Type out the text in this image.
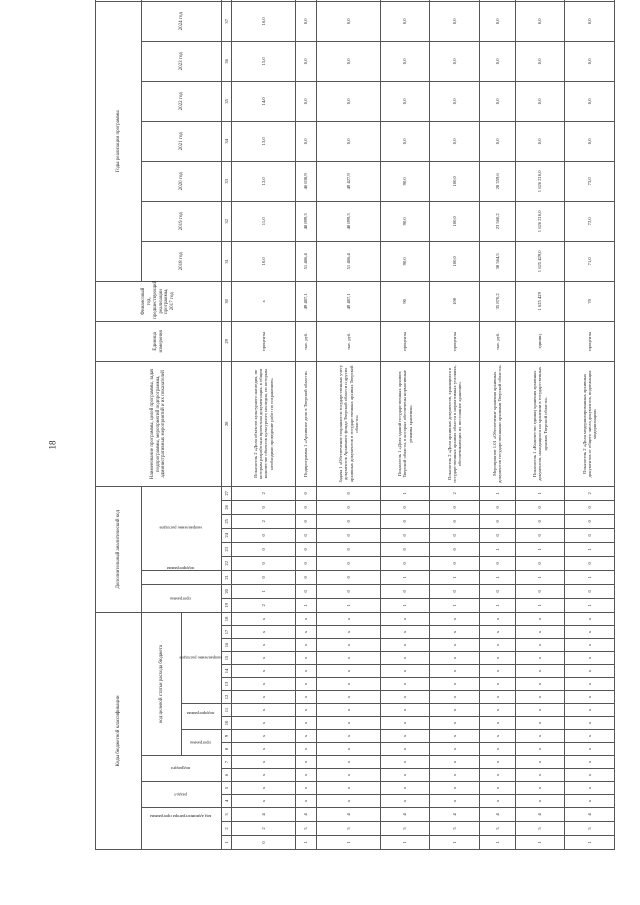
18
Коды бюджетной классификации																		Дополнительный аналитический код									Наименование программы, целей программы, задач подпрограммы, мероприятий подпрограммы, административных мероприятий и их показателей	Единица измерения	Финансовый год, предшествующий реализации программы, 2017 год	Годы реализации программы	
код администратора программы			раздел		подраздел		код целевой статьи расхода бюджета											программа		подпрограмма	направление расходов									2018 год	2019 год	2020 год	2021 год	2022 год	2023 год	2024 год	
							программа		подпрограмма		направление расходов																										
1	2	3	4	5	6	7	8	9	10	11	12	13	14	15	16	17	18	19	20	21	22	23	24	25	26	27	28	29	30	31	32	33	34	35	36	37	
0	2	4	х	х	х	х	х	х	х	х	х	х	х	х	х	х	х	2	1	0	0	0	0	2	0	2	Показатель 2 «Доля объектов культурного наследия, по которым разработана проектная документация, в общем количестве объектов культурного наследия, по которым необходимо проведение работ по сохранению»	проценты	х	10,0	11,0	12,0	13,0	14,0	15,0	16,0	
1	5	4	х	х	х	х	х	х	х	х	х	х	х	х	х	х	х	1	0	0	0	0	0	0	0	0	Подпрограмма 1 «Архивное дело в Тверской области»	тыс. руб.	49 487,1	51 486,4	48 899,3	46 838,9	0,0	0,0	0,0	0,0	
1	5	4	х	х	х	х	х	х	х	х	х	х	х	х	х	х	х	1	0	0	0	0	0	0	0	0	Задача 1 «Обеспечение сохранности государственных учету документов Архивного фонда Тверской области и других архивных документов в государственных архивах Тверской области»	тыс. руб.	49 487,1	51 486,4	48 899,3	49 427,9	0,0	0,0	0,0	0,0	
1	5	4	х	х	х	х	х	х	х	х	х	х	х	х	х	х	х	1	0	1	0	0	0	0	0	1	Показатель 1 «Доля зданий государственных архивов Тверской области, в которых обеспечены нормативные режимы хранения»	проценты	90	90,0	90,0	90,0	0,0	0,0	0,0	0,0	
1	5	4	х	х	х	х	х	х	х	х	х	х	х	х	х	х	х	1	0	1	0	0	0	0	0	2	Показатель 2 «Доля архивных документов, хранящихся в государственных архивах области в нормативных условиях, обеспечивающих их постоянное хранение»	проценты	100	100,0	100,0	100,0	0,0	0,0	0,0	0,0	
1	5	4	х	х	х	х	х	х	х	х	х	х	х	х	х	х	х	1	0	1	0	1	0	0	0	1	Мероприятие 1.01 «Обеспечение хранения архивных документов государственными архивами Тверской области»	тыс. руб.	35 870,2	38 564,5	23 560,2	28 359,6	0,0	0,0	0,0	0,0	
1	5	4	х	х	х	х	х	х	х	х	х	х	х	х	х	х	х	1	0	1	0	1	0	0	0	1	Показатель 1 «Количество единиц хранения архивных документов, находящихся на хранении в государственных архивах Тверской области»	единиц	1 625 429	1 625 429,0	1 626 210,0	1 626 210,0	0,0	0,0	0,0	0,0	
1	5	4	х	х	х	х	х	х	х	х	х	х	х	х	х	х	х	1	0	1	0	1	0	0	0	2	Показатель 2 «Доля модернизированных архивных документов от общего числа документов, подлежащих модернизации»	проценты	70	71,0	72,0	73,0	0,0	0,0	0,0	0,0	
